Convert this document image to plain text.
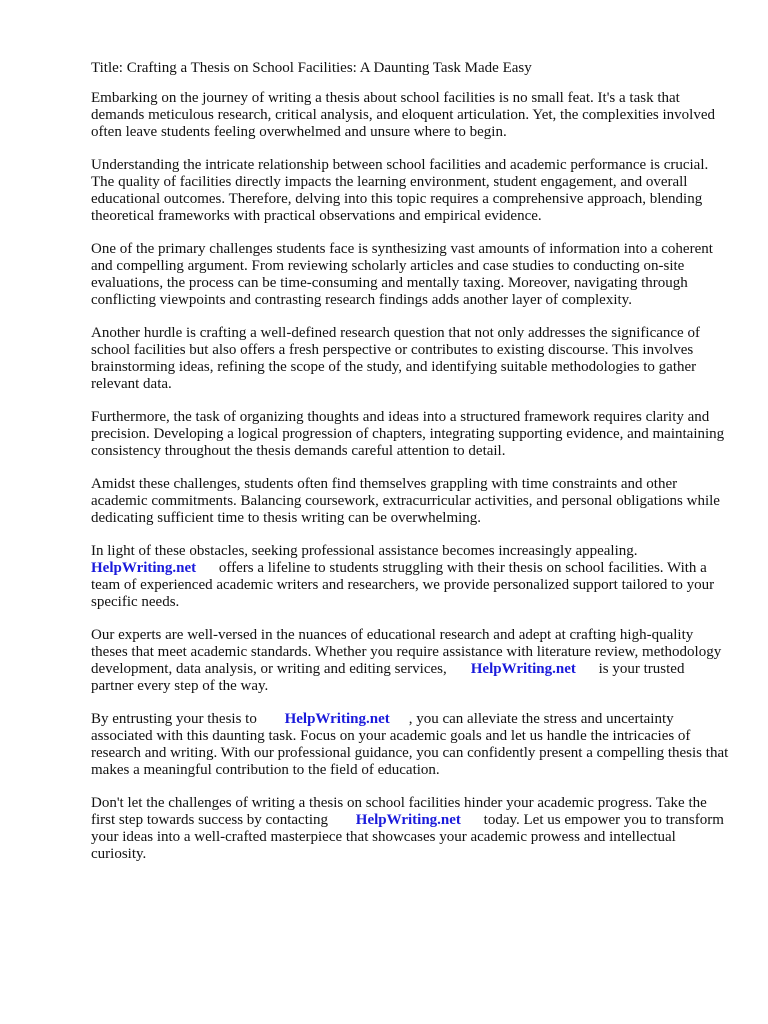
Title: Crafting a Thesis on School Facilities: A Daunting Task Made Easy

Embarking on the journey of writing a thesis about school facilities is no small feat. It's a task that demands meticulous research, critical analysis, and eloquent articulation. Yet, the complexities involved often leave students feeling overwhelmed and unsure where to begin.

Understanding the intricate relationship between school facilities and academic performance is crucial. The quality of facilities directly impacts the learning environment, student engagement, and overall educational outcomes. Therefore, delving into this topic requires a comprehensive approach, blending theoretical frameworks with practical observations and empirical evidence.

One of the primary challenges students face is synthesizing vast amounts of information into a coherent and compelling argument. From reviewing scholarly articles and case studies to conducting on-site evaluations, the process can be time-consuming and mentally taxing. Moreover, navigating through conflicting viewpoints and contrasting research findings adds another layer of complexity.

Another hurdle is crafting a well-defined research question that not only addresses the significance of school facilities but also offers a fresh perspective or contributes to existing discourse. This involves brainstorming ideas, refining the scope of the study, and identifying suitable methodologies to gather relevant data.

Furthermore, the task of organizing thoughts and ideas into a structured framework requires clarity and precision. Developing a logical progression of chapters, integrating supporting evidence, and maintaining consistency throughout the thesis demands careful attention to detail.

Amidst these challenges, students often find themselves grappling with time constraints and other academic commitments. Balancing coursework, extracurricular activities, and personal obligations while dedicating sufficient time to thesis writing can be overwhelming.

In light of these obstacles, seeking professional assistance becomes increasingly appealing.
HelpWriting.net offers a lifeline to students struggling with their thesis on school facilities. With a team of experienced academic writers and researchers, we provide personalized support tailored to your specific needs.

Our experts are well-versed in the nuances of educational research and adept at crafting high-quality theses that meet academic standards. Whether you require assistance with literature review, methodology development, data analysis, or writing and editing services, HelpWriting.net is your trusted partner every step of the way.

By entrusting your thesis to HelpWriting.net , you can alleviate the stress and uncertainty associated with this daunting task. Focus on your academic goals and let us handle the intricacies of research and writing. With our professional guidance, you can confidently present a compelling thesis that makes a meaningful contribution to the field of education.

Don't let the challenges of writing a thesis on school facilities hinder your academic progress. Take the first step towards success by contacting HelpWriting.net today. Let us empower you to transform your ideas into a well-crafted masterpiece that showcases your academic prowess and intellectual curiosity.
